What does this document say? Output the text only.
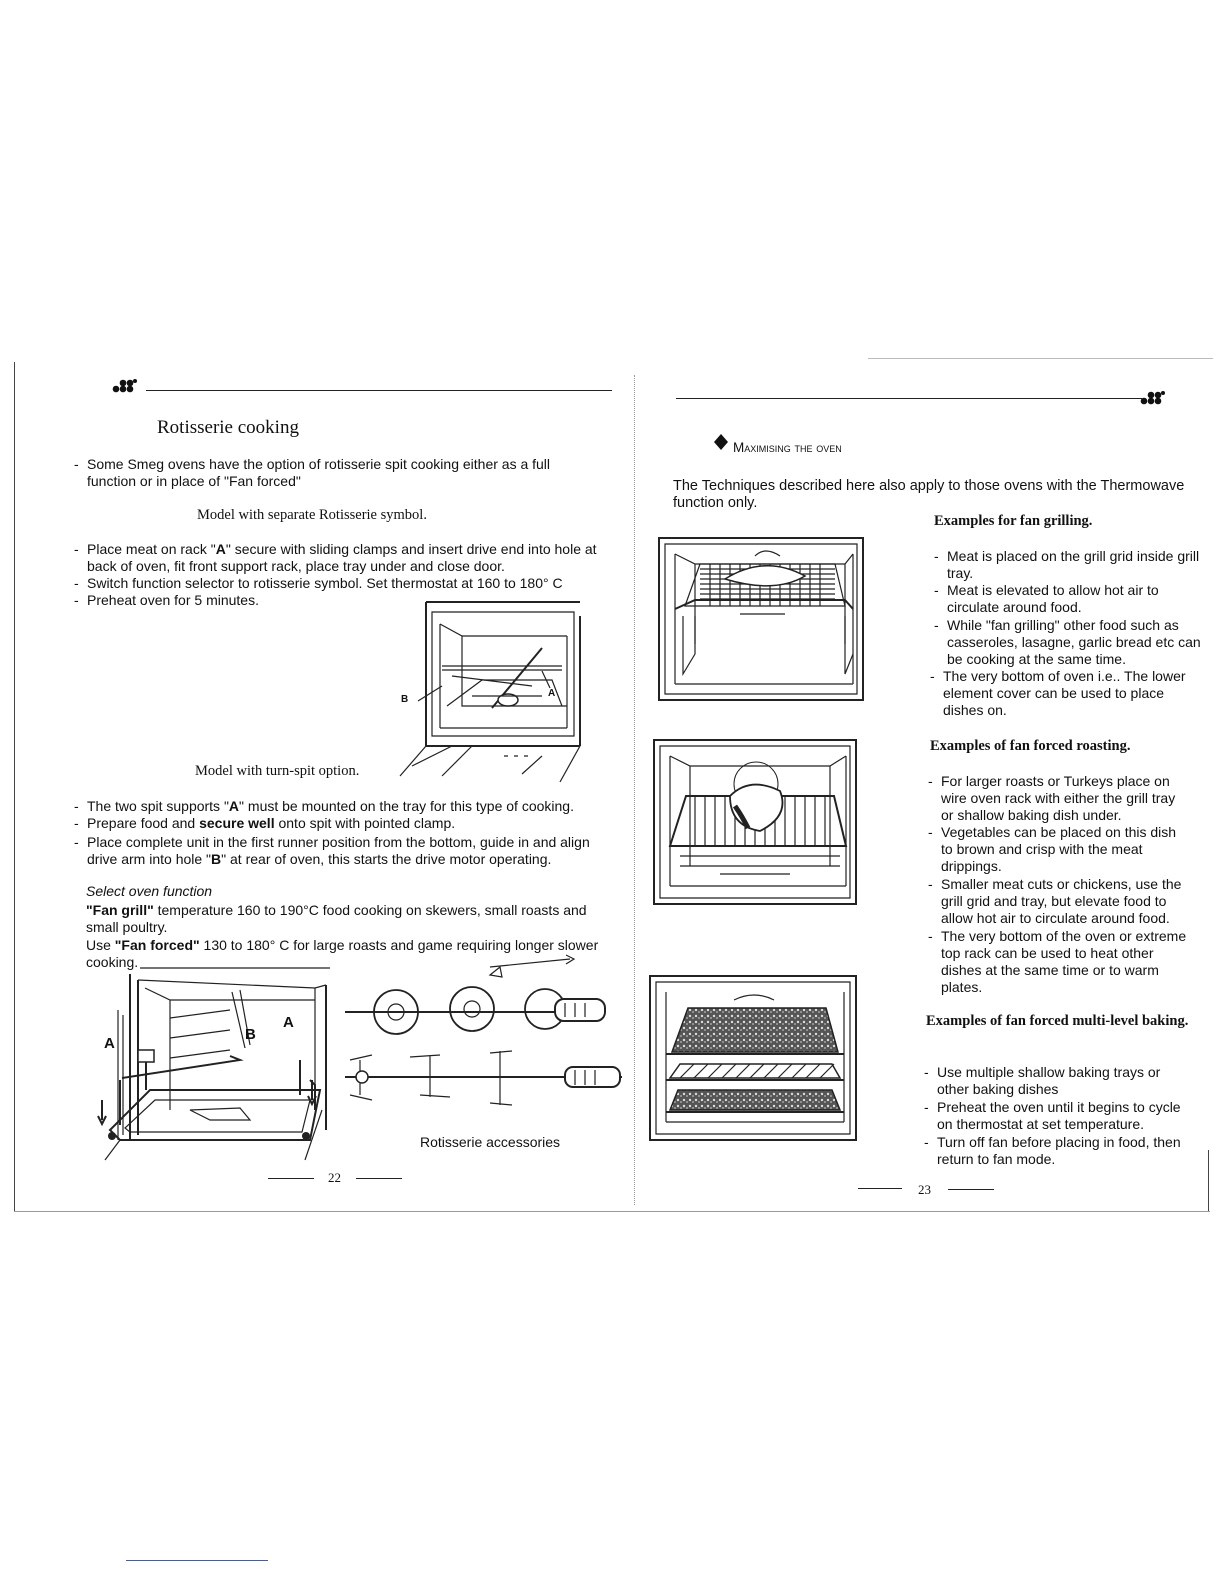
Rotisserie cooking
- Some Smeg ovens have the option of rotisserie spit cooking either as a full function or in place of "Fan forced"
Model with separate Rotisserie symbol.
- Place meat on rack "A" secure with sliding clamps and insert drive end into hole at back of oven, fit front support rack, place tray under and close door.
- Switch function selector to rotisserie symbol. Set thermostat at 160 to 180° C
- Preheat oven for 5 minutes.
B
A
Model with turn-spit option.
- The two spit supports "A" must be mounted on the tray for this type of cooking.
- Prepare food and secure well onto spit with pointed clamp.
- Place complete unit in the first runner position from the bottom, guide in and align drive arm into hole "B" at rear of oven, this starts the drive motor operating.
Select oven function
"Fan grill" temperature 160 to 190°C food cooking on skewers, small roasts and small poultry.
Use "Fan forced" 130 to 180° C for large roasts and game requiring longer slower cooking.
A
B
A
Rotisserie accessories
22
Maximising the oven
The Techniques described here also apply to those ovens with the Thermowave function only.
Examples for fan grilling.
- Meat is placed on the grill grid inside grill tray.
- Meat is elevated to allow hot air to circulate around food.
- While "fan grilling" other food such as casseroles, lasagne, garlic bread etc can be cooking at the same time.
- The very bottom of oven i.e.. The lower element cover can be used to place dishes on.
Examples of fan forced roasting.
- For larger roasts or Turkeys place on wire oven rack with either the grill tray or shallow baking dish under.
- Vegetables can be placed on this dish to brown and crisp with the meat drippings.
- Smaller meat cuts or chickens, use the grill grid and tray, but elevate food to allow hot air to circulate around food.
- The very bottom of the oven or extreme top rack can be used to heat other dishes at the same time or to warm plates.
Examples of fan forced multi-level baking.
- Use multiple shallow baking trays or other baking dishes
- Preheat the oven until it begins to cycle on thermostat at set temperature.
- Turn off fan before placing in food, then return to fan mode.
23
